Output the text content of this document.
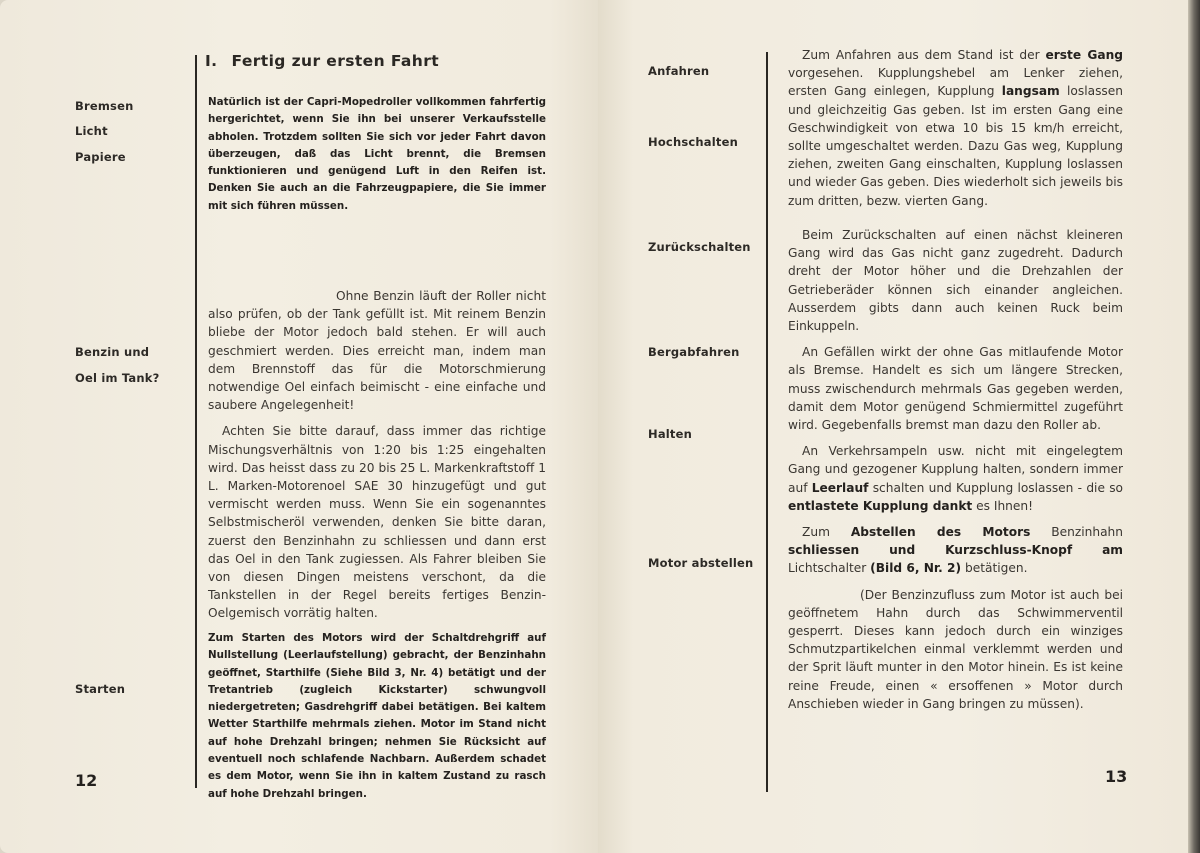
I. Fertig zur ersten Fahrt
Bremsen
Licht
Papiere
Benzin und
Oel im Tank?
Starten
Natürlich ist der Capri-Mopedroller vollkommen fahrfertig hergerichtet, wenn Sie ihn bei unserer Verkaufsstelle abholen. Trotzdem sollten Sie sich vor jeder Fahrt davon überzeugen, daß das Licht brennt, die Bremsen funktionieren und genügend Luft in den Reifen ist. Denken Sie auch an die Fahrzeugpapiere, die Sie immer mit sich führen müssen.

Ohne Benzin läuft der Roller nicht also prüfen, ob der Tank gefüllt ist. Mit reinem Benzin bliebe der Motor jedoch bald stehen. Er will auch geschmiert werden. Dies erreicht man, indem man dem Brennstoff das für die Motorschmierung notwendige Oel einfach beimischt - eine einfache und saubere Angelegenheit!

Achten Sie bitte darauf, dass immer das richtige Mischungsverhältnis von 1:20 bis 1:25 eingehalten wird. Das heisst dass zu 20 bis 25 L. Markenkraftstoff 1 L. Marken-Motorenoel SAE 30 hinzugefügt und gut vermischt werden muss. Wenn Sie ein sogenanntes Selbstmischeröl verwenden, denken Sie bitte daran, zuerst den Benzinhahn zu schliessen und dann erst das Oel in den Tank zugiessen. Als Fahrer bleiben Sie von diesen Dingen meistens verschont, da die Tankstellen in der Regel bereits fertiges Benzin-Oelgemisch vorrätig halten.

Zum Starten des Motors wird der Schaltdrehgriff auf Nullstellung (Leerlaufstellung) gebracht, der Benzinhahn geöffnet, Starthilfe (Siehe Bild 3, Nr. 4) betätigt und der Tretantrieb (zugleich Kickstarter) schwungvoll niedergetreten; Gasdrehgriff dabei betätigen. Bei kaltem Wetter Starthilfe mehrmals ziehen. Motor im Stand nicht auf hohe Drehzahl bringen; nehmen Sie Rücksicht auf eventuell noch schlafende Nachbarn. Außerdem schadet es dem Motor, wenn Sie ihn in kaltem Zustand zu rasch auf hohe Drehzahl bringen.
12
Anfahren
Hochschalten
Zurückschalten
Bergabfahren
Halten
Motor abstellen

Zum Anfahren aus dem Stand ist der erste Gang vorgesehen. Kupplungshebel am Lenker ziehen, ersten Gang einlegen, Kupplung langsam loslassen und gleichzeitig Gas geben. Ist im ersten Gang eine Geschwindigkeit von etwa 10 bis 15 km/h erreicht, sollte umgeschaltet werden. Dazu Gas weg, Kupplung ziehen, zweiten Gang einschalten, Kupplung loslassen und wieder Gas geben. Dies wiederholt sich jeweils bis zum dritten, bezw. vierten Gang.

Beim Zurückschalten auf einen nächst kleineren Gang wird das Gas nicht ganz zugedreht. Dadurch dreht der Motor höher und die Drehzahlen der Getrieberäder können sich einander angleichen. Ausserdem gibts dann auch keinen Ruck beim Einkuppeln.

An Gefällen wirkt der ohne Gas mitlaufende Motor als Bremse. Handelt es sich um längere Strecken, muss zwischendurch mehrmals Gas gegeben werden, damit dem Motor genügend Schmiermittel zugeführt wird. Gegebenfalls bremst man dazu den Roller ab.

An Verkehrsampeln usw. nicht mit eingelegtem Gang und gezogener Kupplung halten, sondern immer auf Leerlauf schalten und Kupplung loslassen - die so entlastete Kupplung dankt es Ihnen!

Zum Abstellen des Motors Benzinhahn schliessen und Kurzschluss-Knopf am Lichtschalter (Bild 6, Nr. 2) betätigen.

(Der Benzinzufluss zum Motor ist auch bei geöffnetem Hahn durch das Schwimmerventil gesperrt. Dieses kann jedoch durch ein winziges Schmutzpartikelchen einmal verklemmt werden und der Sprit läuft munter in den Motor hinein. Es ist keine reine Freude, einen « ersoffenen » Motor durch Anschieben wieder in Gang bringen zu müssen).

13
